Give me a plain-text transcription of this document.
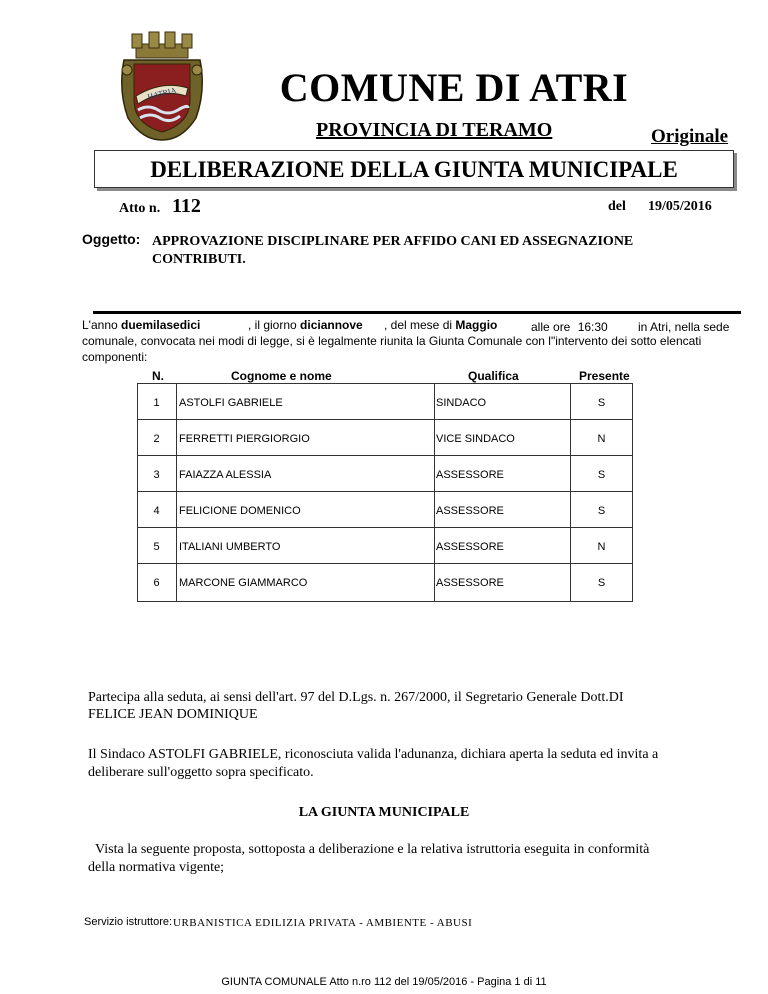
HATRIA	COMUNE DI ATRI
PROVINCIA DI TERAMO	Originale
DELIBERAZIONE DELLA GIUNTA MUNICIPALE
Atto n. 112	del 19/05/2016
Oggetto: APPROVAZIONE DISCIPLINARE PER AFFIDO CANI ED ASSEGNAZIONE
CONTRIBUTI.
L'anno duemilasedici	, il giorno diciannove , del mese di Maggio	alle ore 16:30	in Atri, nella sede
comunale, convocata nei modi di legge, si è legalmente riunita la Giunta Comunale con l"intervento dei sotto elencati
componenti:
N.	Cognome e nome	Qualifica	Presente
1	ASTOLFI GABRIELE	SINDACO	S
2	FERRETTI PIERGIORGIO	VICE SINDACO	N
3	FAIAZZA ALESSIA	ASSESSORE	S
4	FELICIONE DOMENICO	ASSESSORE	S
5	ITALIANI UMBERTO	ASSESSORE	N
6	MARCONE GIAMMARCO	ASSESSORE	S
Partecipa alla seduta, ai sensi dell'art. 97 del D.Lgs. n. 267/2000, il Segretario Generale Dott.DI
FELICE JEAN DOMINIQUE
Il Sindaco ASTOLFI GABRIELE, riconosciuta valida l'adunanza, dichiara aperta la seduta ed invita a
deliberare sull'oggetto sopra specificato.
LA GIUNTA MUNICIPALE
Vista la seguente proposta, sottoposta a deliberazione e la relativa istruttoria eseguita in conformità
della normativa vigente;
Servizio istruttore: URBANISTICA EDILIZIA PRIVATA - AMBIENTE - ABUSI
GIUNTA COMUNALE Atto n.ro 112 del 19/05/2016 - Pagina 1 di 11
